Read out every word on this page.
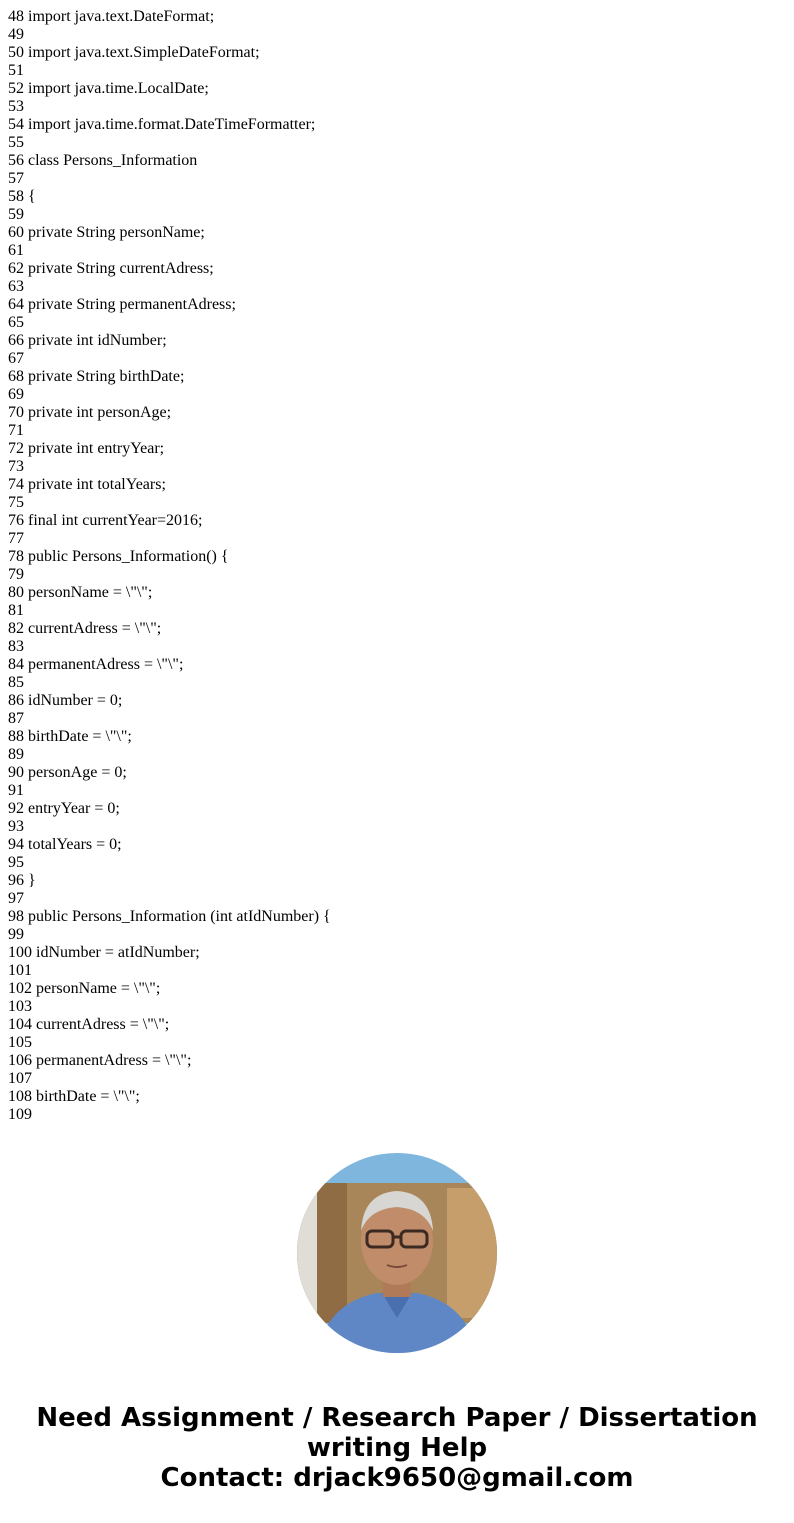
48 import java.text.DateFormat;
49
50 import java.text.SimpleDateFormat;
51
52 import java.time.LocalDate;
53
54 import java.time.format.DateTimeFormatter;
55
56 class Persons_Information
57
58 {
59
60 private String personName;
61
62 private String currentAdress;
63
64 private String permanentAdress;
65
66 private int idNumber;
67
68 private String birthDate;
69
70 private int personAge;
71
72 private int entryYear;
73
74 private int totalYears;
75
76 final int currentYear=2016;
77
78 public Persons_Information() {
79
80 personName = \"\";
81
82 currentAdress = \"\";
83
84 permanentAdress = \"\";
85
86 idNumber = 0;
87
88 birthDate = \"\";
89
90 personAge = 0;
91
92 entryYear = 0;
93
94 totalYears = 0;
95
96 }
97
98 public Persons_Information (int atIdNumber) {
99
100 idNumber = atIdNumber;
101
102 personName = \"\";
103
104 currentAdress = \"\";
105
106 permanentAdress = \"\";
107
108 birthDate = \"\";
109
Need Assignment / Research Paper / Dissertation
writing Help
Contact: drjack9650@gmail.com
